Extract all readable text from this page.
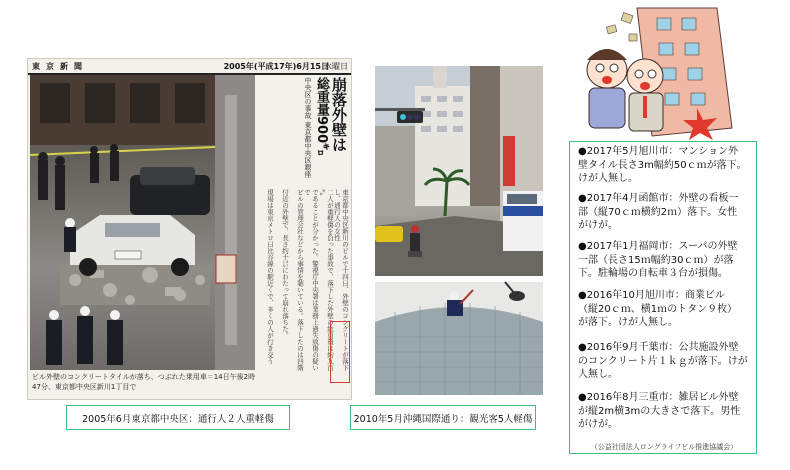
東京新聞	2005年(平成17年)6月15日
水曜日
ビル外壁のコンクリートタイルが落ち、つぶれた乗用車＝14日午後2時47分、東京都中央区新川1丁目で
崩落外壁は
総重量900㌔
中央区の事故 東京都中央区銀座
東京都中央区新川のビルで十四日、外壁のコンクリートが落下し、通行人の女性
二人が重軽傷を負った事故で、落下した外壁の総重量は約九百㌔
であることが分かった。警視庁中央署は業務上過失致傷の疑いで
ビルの管理会社などから事情を聴いている。落下したのは四階
付近の外壁で、長さ約十㍍にわたって崩れ落ちた。
現場は東京メトロ日比谷線の駅近くで、多くの人が行き交う
2005年6月東京都中央区：通行人２人重軽傷	2010年5月沖縄国際通り：観光客5人軽傷
●2017年5月旭川市：マンション外
壁タイル長さ3m幅約50ｃｍが落下。
けが人無し。
●2017年4月函館市：外壁の看板一
部（縦70ｃｍ横約2ｍ）落下。女性
がけが。
●2017年1月福岡市：スーパの外壁
一部（長さ15ｍ幅約30ｃｍ）が落
下。駐輪場の自転車３台が損傷。
●2016年10月旭川市：商業ビル
（縦20ｃｍ、横1ｍのトタン９枚）
が落下。けが人無し。
●2016年9月千葉市：公共施設外壁
のコンクリート片１ｋｇが落下。けが
人無し。
●2016年8月三重市：雑居ビル外壁
が縦2m横3mの大きさで落下。男性
がけが。
（公益社団法人ロングライフビル推進協議会）
